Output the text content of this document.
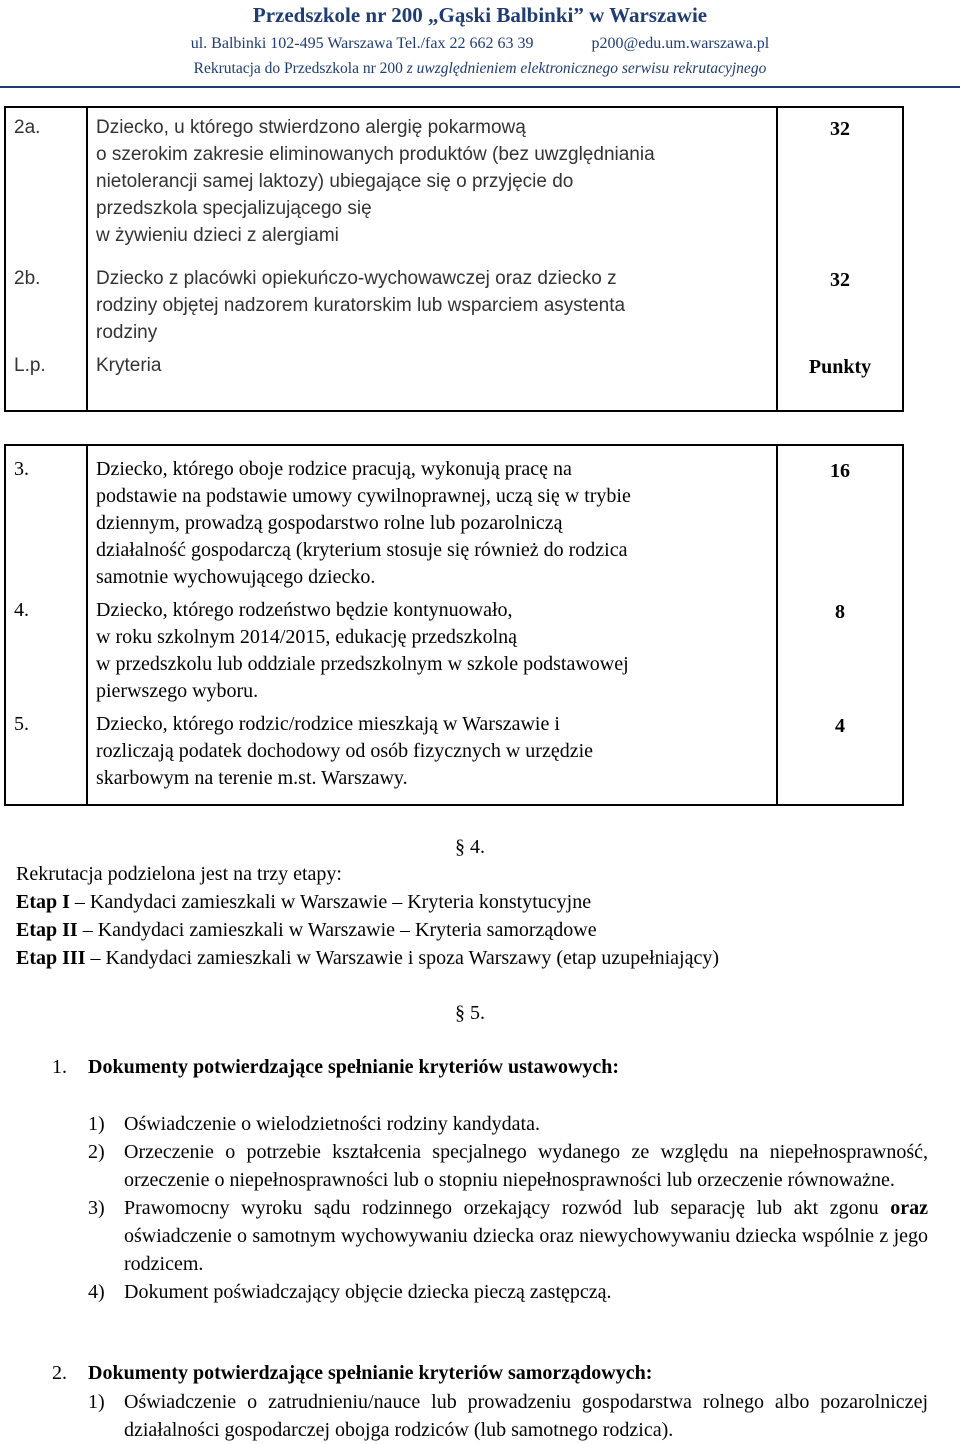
Przedszkole nr 200 „Gąski Balbinki” w Warszawie
ul. Balbinki 102-495 Warszawa Tel./fax 22 662 63 39	p200@edu.um.warszawa.pl
Rekrutacja do Przedszkola nr 200 z uwzględnieniem elektronicznego serwisu rekrutacyjnego
2a.	Dziecko, u którego stwierdzono alergię pokarmową
o szerokim zakresie eliminowanych produktów (bez uwzględniania
nietolerancji samej laktozy) ubiegające się o przyjęcie do
przedszkola specjalizującego się
w żywieniu dzieci z alergiami	32
2b.	Dziecko z placówki opiekuńczo-wychowawczej oraz dziecko z
rodziny objętej nadzorem kuratorskim lub wsparciem asystenta
rodziny	32
L.p.	Kryteria	Punkty
3.	Dziecko, którego oboje rodzice pracują, wykonują pracę na
podstawie na podstawie umowy cywilnoprawnej, uczą się w trybie
dziennym, prowadzą gospodarstwo rolne lub pozarolniczą
działalność gospodarczą (kryterium stosuje się również do rodzica
samotnie wychowującego dziecko.	16
4.	Dziecko, którego rodzeństwo będzie kontynuowało,
w roku szkolnym 2014/2015, edukację przedszkolną
w przedszkolu lub oddziale przedszkolnym w szkole podstawowej
pierwszego wyboru.	8
5.	Dziecko, którego rodzic/rodzice mieszkają w Warszawie i
rozliczają podatek dochodowy od osób fizycznych w urzędzie
skarbowym na terenie m.st. Warszawy.	4
§ 4.
Rekrutacja podzielona jest na trzy etapy:
Etap I – Kandydaci zamieszkali w Warszawie – Kryteria konstytucyjne
Etap II – Kandydaci zamieszkali w Warszawie – Kryteria samorządowe
Etap III – Kandydaci zamieszkali w Warszawie i spoza Warszawy (etap uzupełniający)
§ 5.
1. Dokumenty potwierdzające spełnianie kryteriów ustawowych:
1) Oświadczenie o wielodzietności rodziny kandydata.
2) Orzeczenie o potrzebie kształcenia specjalnego wydanego ze względu na niepełnosprawność, orzeczenie o niepełnosprawności lub o stopniu niepełnosprawności lub orzeczenie równoważne.
3) Prawomocny wyroku sądu rodzinnego orzekający rozwód lub separację lub akt zgonu oraz oświadczenie o samotnym wychowywaniu dziecka oraz niewychowywaniu dziecka wspólnie z jego rodzicem.
4) Dokument poświadczający objęcie dziecka pieczą zastępczą.
2. Dokumenty potwierdzające spełnianie kryteriów samorządowych:
1) Oświadczenie o zatrudnieniu/nauce lub prowadzeniu gospodarstwa rolnego albo pozarolniczej działalności gospodarczej obojga rodziców (lub samotnego rodzica).
